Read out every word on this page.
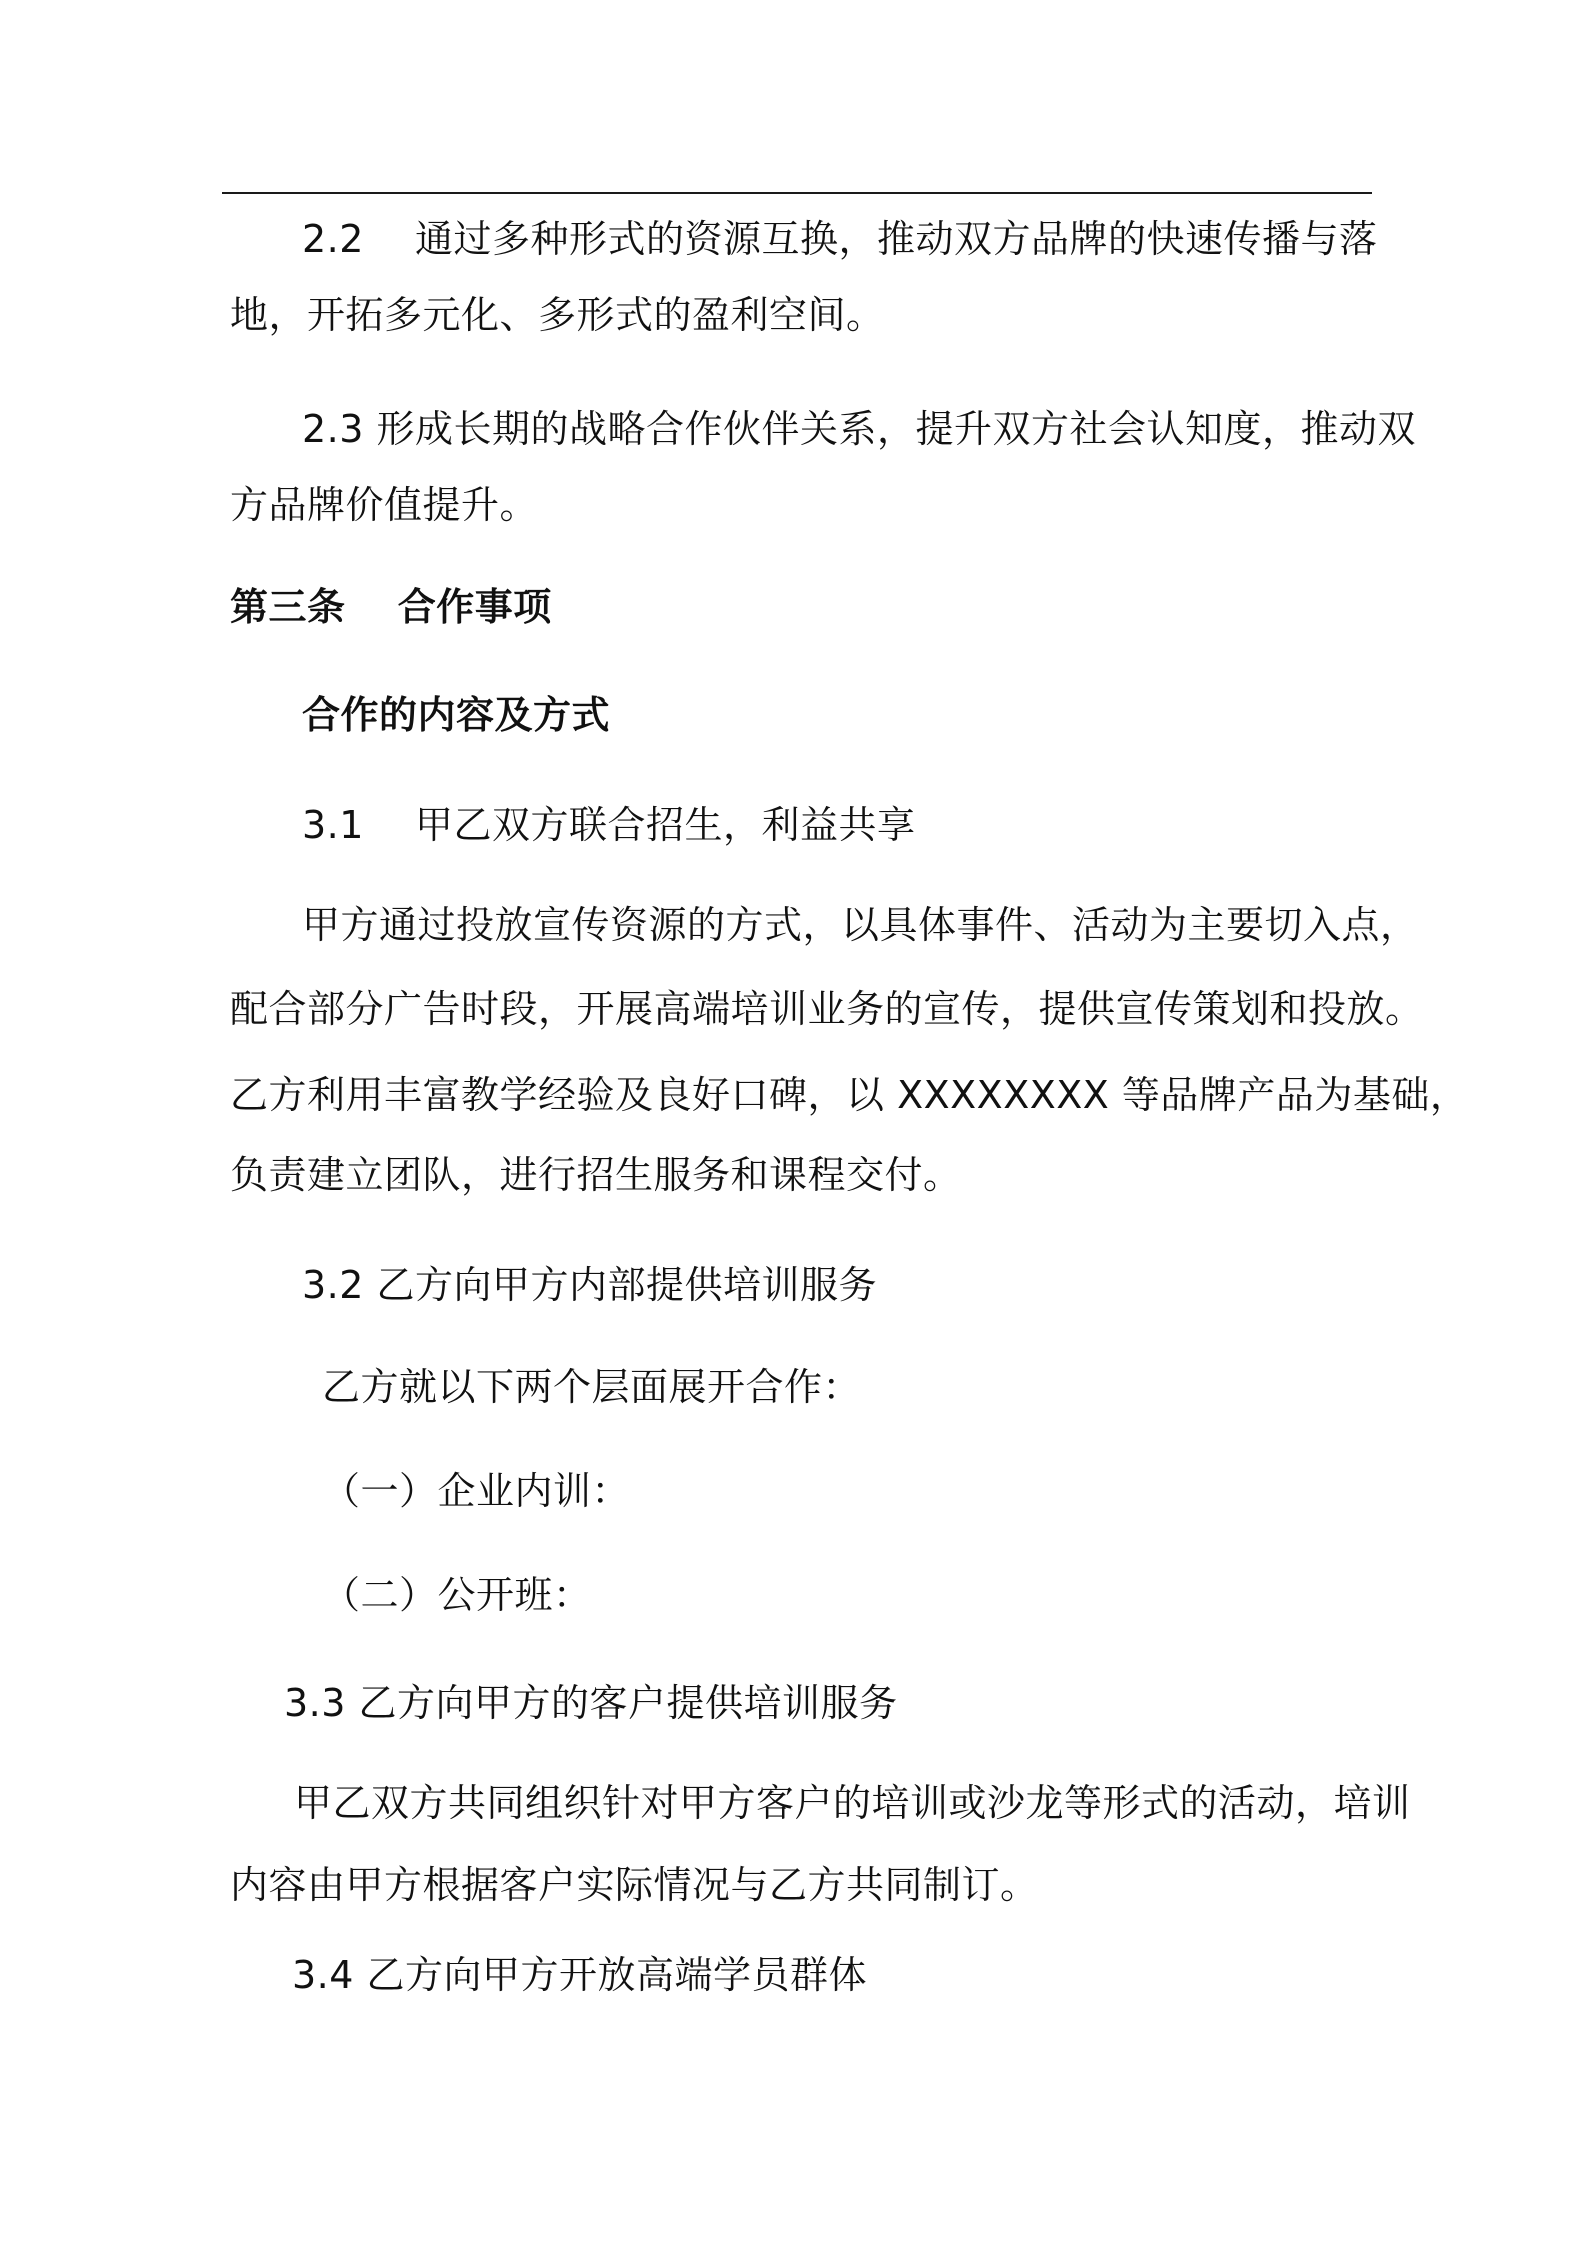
2.2　 通过多种形式的资源互换，推动双方品牌的快速传播与落
地，开拓多元化、多形式的盈利空间。
2.3 形成长期的战略合作伙伴关系，提升双方社会认知度，推动双
方品牌价值提升。
第三条　 合作事项
合作的内容及方式
3.1　 甲乙双方联合招生，利益共享
甲方通过投放宣传资源的方式，以具体事件、活动为主要切入点，
配合部分广告时段，开展高端培训业务的宣传，提供宣传策划和投放。
乙方利用丰富教学经验及良好口碑，以 XXXXXXXX 等品牌产品为基础，
负责建立团队，进行招生服务和课程交付。
3.2 乙方向甲方内部提供培训服务
乙方就以下两个层面展开合作：
（一）企业内训：
（二）公开班：
3.3 乙方向甲方的客户提供培训服务
甲乙双方共同组织针对甲方客户的培训或沙龙等形式的活动，培训
内容由甲方根据客户实际情况与乙方共同制订。
3.4 乙方向甲方开放高端学员群体
